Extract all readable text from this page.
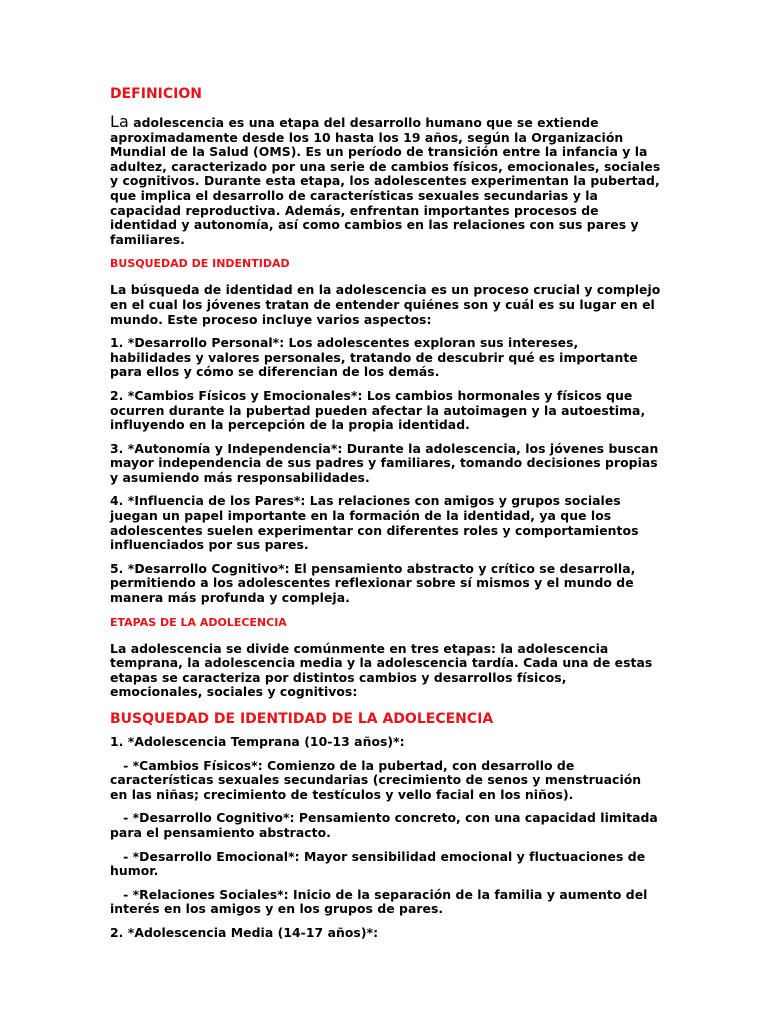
DEFINICION

La adolescencia es una etapa del desarrollo humano que se extiende aproximadamente desde los 10 hasta los 19 años, según la Organización Mundial de la Salud (OMS). Es un período de transición entre la infancia y la adultez, caracterizado por una serie de cambios físicos, emocionales, sociales y cognitivos. Durante esta etapa, los adolescentes experimentan la pubertad, que implica el desarrollo de características sexuales secundarias y la capacidad reproductiva. Además, enfrentan importantes procesos de identidad y autonomía, así como cambios en las relaciones con sus pares y familiares.

BUSQUEDAD DE INDENTIDAD

La búsqueda de identidad en la adolescencia es un proceso crucial y complejo en el cual los jóvenes tratan de entender quiénes son y cuál es su lugar en el mundo. Este proceso incluye varios aspectos:

1. *Desarrollo Personal*: Los adolescentes exploran sus intereses, habilidades y valores personales, tratando de descubrir qué es importante para ellos y cómo se diferencian de los demás.

2. *Cambios Físicos y Emocionales*: Los cambios hormonales y físicos que ocurren durante la pubertad pueden afectar la autoimagen y la autoestima, influyendo en la percepción de la propia identidad.

3. *Autonomía y Independencia*: Durante la adolescencia, los jóvenes buscan mayor independencia de sus padres y familiares, tomando decisiones propias y asumiendo más responsabilidades.

4. *Influencia de los Pares*: Las relaciones con amigos y grupos sociales juegan un papel importante en la formación de la identidad, ya que los adolescentes suelen experimentar con diferentes roles y comportamientos influenciados por sus pares.

5. *Desarrollo Cognitivo*: El pensamiento abstracto y crítico se desarrolla, permitiendo a los adolescentes reflexionar sobre sí mismos y el mundo de manera más profunda y compleja.

ETAPAS DE LA ADOLECENCIA

La adolescencia se divide comúnmente en tres etapas: la adolescencia temprana, la adolescencia media y la adolescencia tardía. Cada una de estas etapas se caracteriza por distintos cambios y desarrollos físicos, emocionales, sociales y cognitivos:

BUSQUEDAD DE IDENTIDAD DE LA ADOLECENCIA

1. *Adolescencia Temprana (10-13 años)*:

- *Cambios Físicos*: Comienzo de la pubertad, con desarrollo de características sexuales secundarias (crecimiento de senos y menstruación en las niñas; crecimiento de testículos y vello facial en los niños).

- *Desarrollo Cognitivo*: Pensamiento concreto, con una capacidad limitada para el pensamiento abstracto.

- *Desarrollo Emocional*: Mayor sensibilidad emocional y fluctuaciones de humor.

- *Relaciones Sociales*: Inicio de la separación de la familia y aumento del interés en los amigos y en los grupos de pares.

2. *Adolescencia Media (14-17 años)*:
